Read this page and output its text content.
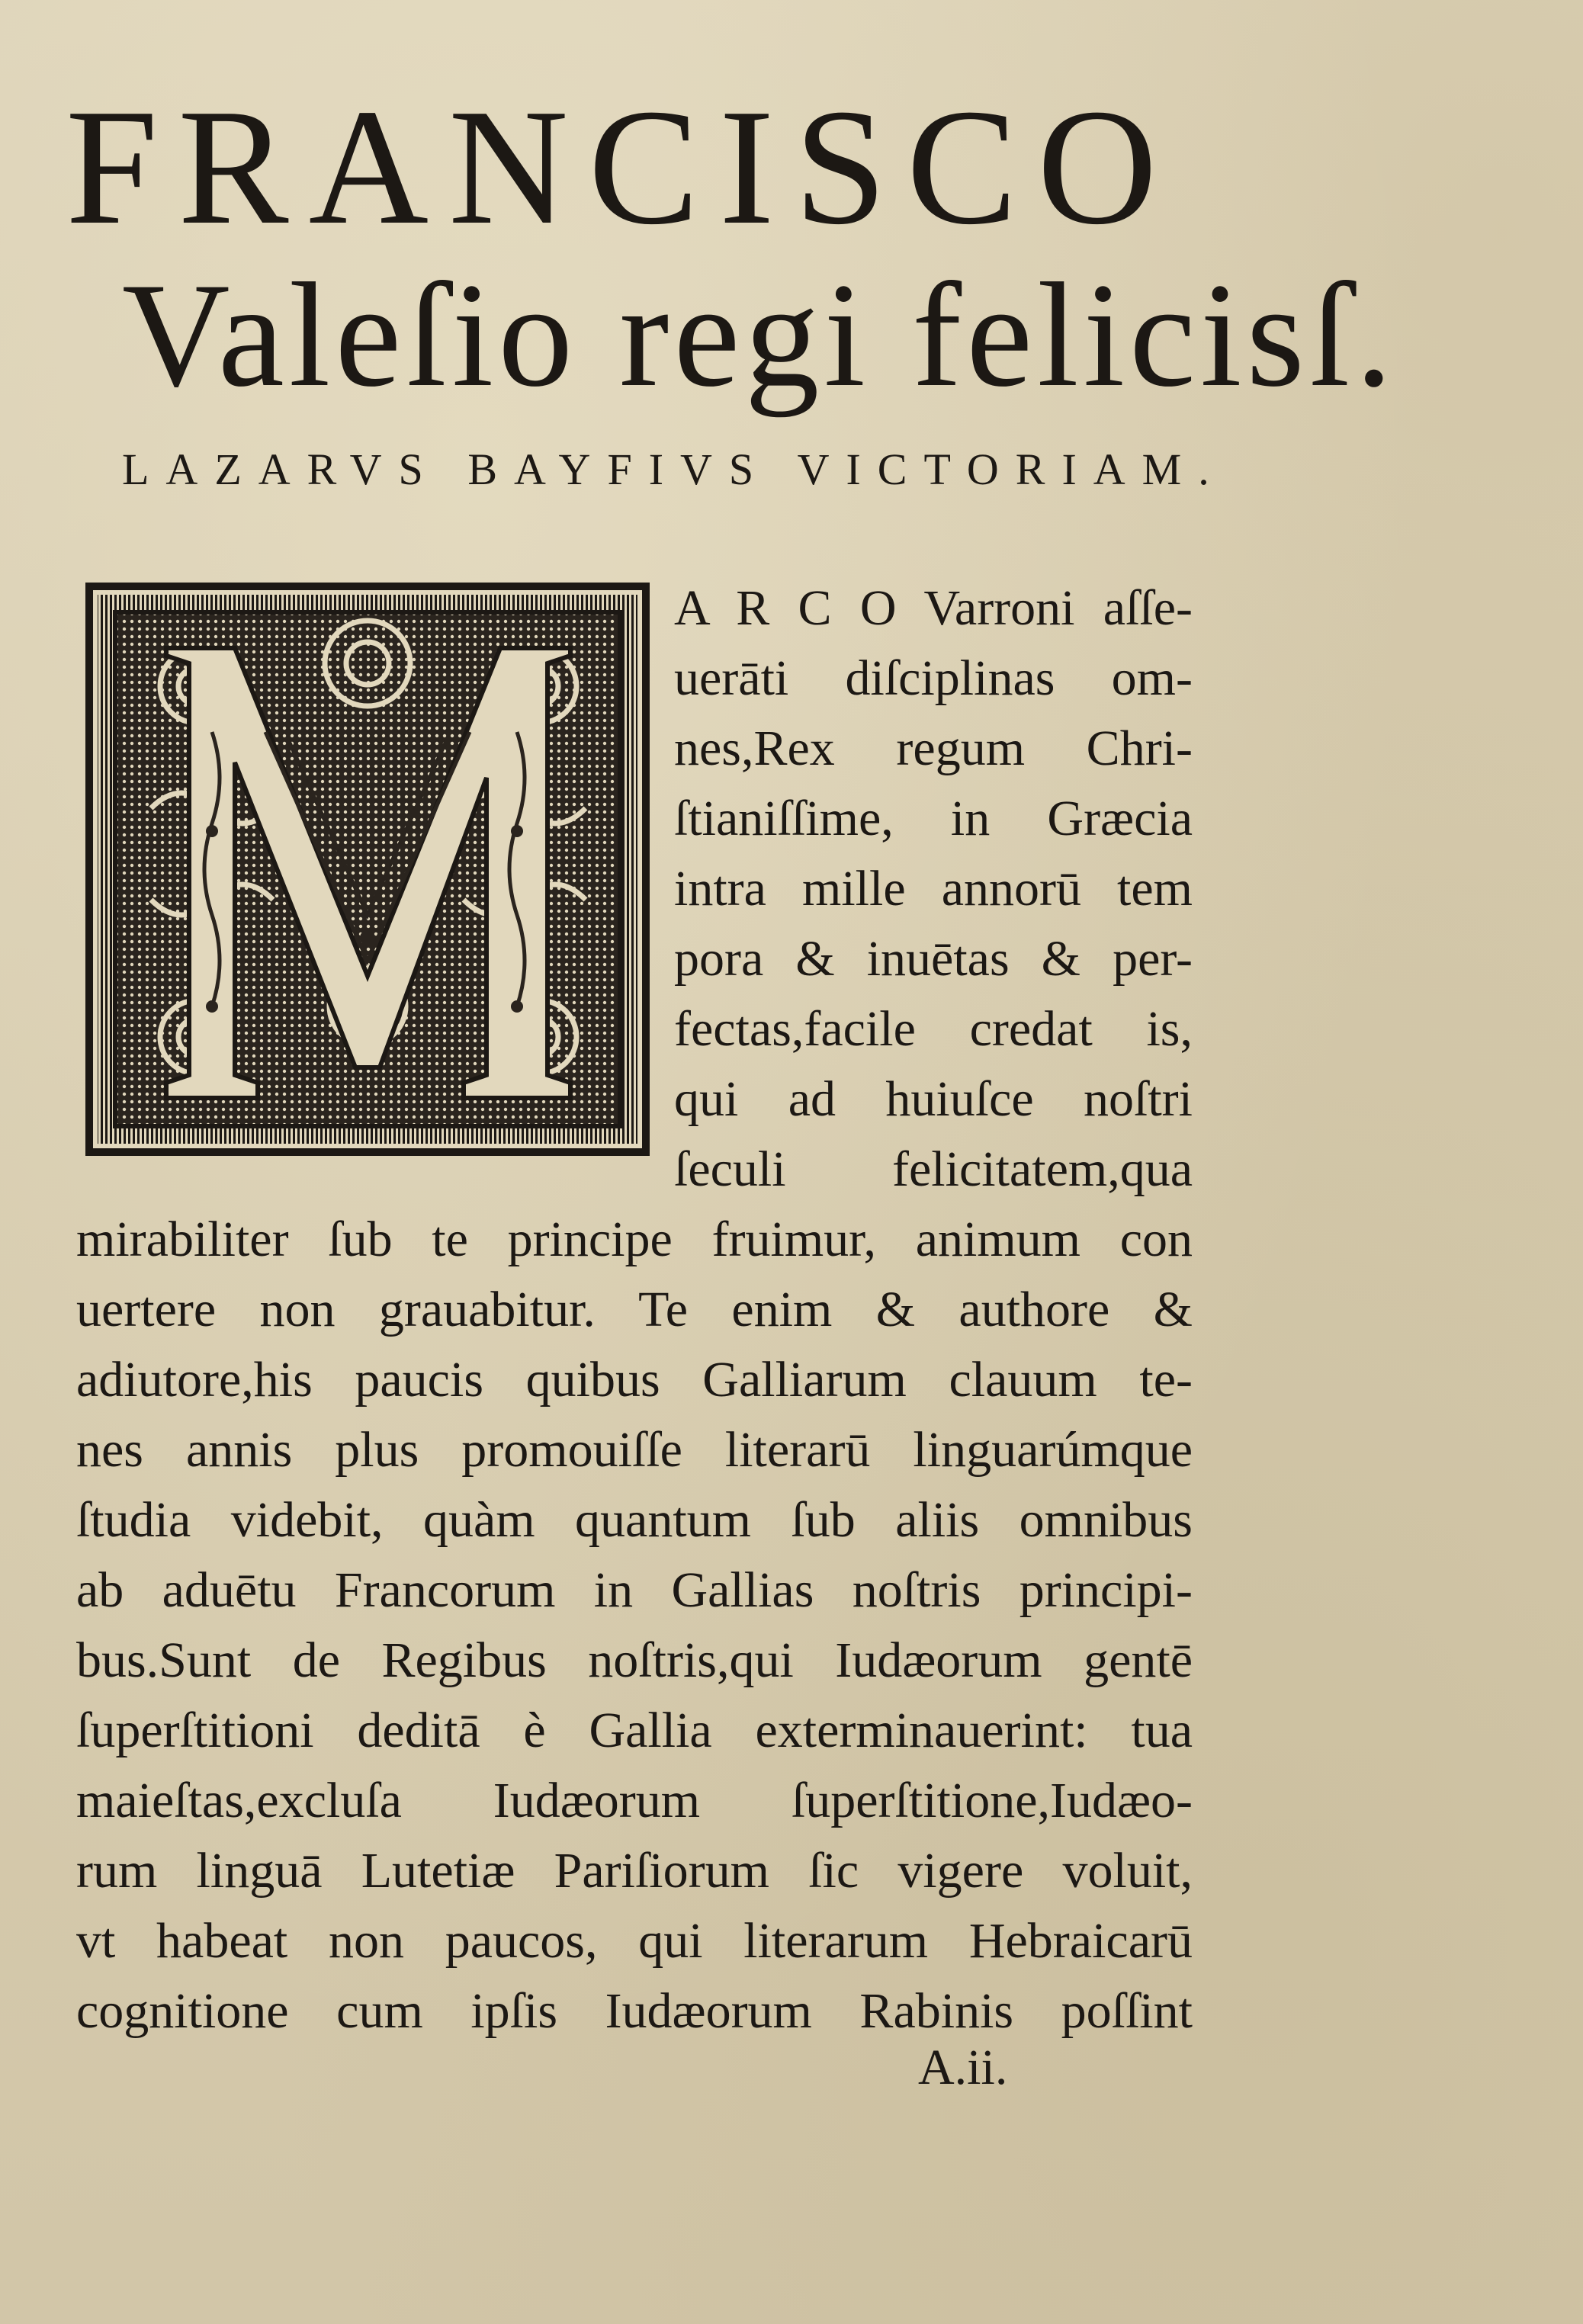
FRANCISCO
Valeſio regi felicisſ.
LAZARVS BAYFIVS VICTORIAM.
A R C O Varroni aſſe-
uerāti diſciplinas om-
nes,Rex regum Chri-
ſtianiſſime, in Græcia
intra mille annorū tem
pora & inuētas & per-
fectas,facile credat is,
qui ad huiuſce noſtri
ſeculi felicitatem,qua
mirabiliter ſub te principe fruimur, animum con
uertere non grauabitur. Te enim & authore &
adiutore,his paucis quibus Galliarum clauum te-
nes annis plus promouiſſe literarū linguarúmque
ſtudia videbit, quàm quantum ſub aliis omnibus
ab aduētu Francorum in Gallias noſtris principi-
bus.Sunt de Regibus noſtris,qui Iudæorum gentē
ſuperſtitioni deditā è Gallia exterminauerint: tua
maieſtas,excluſa Iudæorum ſuperſtitione,Iudæo-
rum linguā Lutetiæ Pariſiorum ſic vigere voluit,
vt habeat non paucos, qui literarum Hebraicarū
cognitione cum ipſis Iudæorum Rabinis poſſint
A.ii.
